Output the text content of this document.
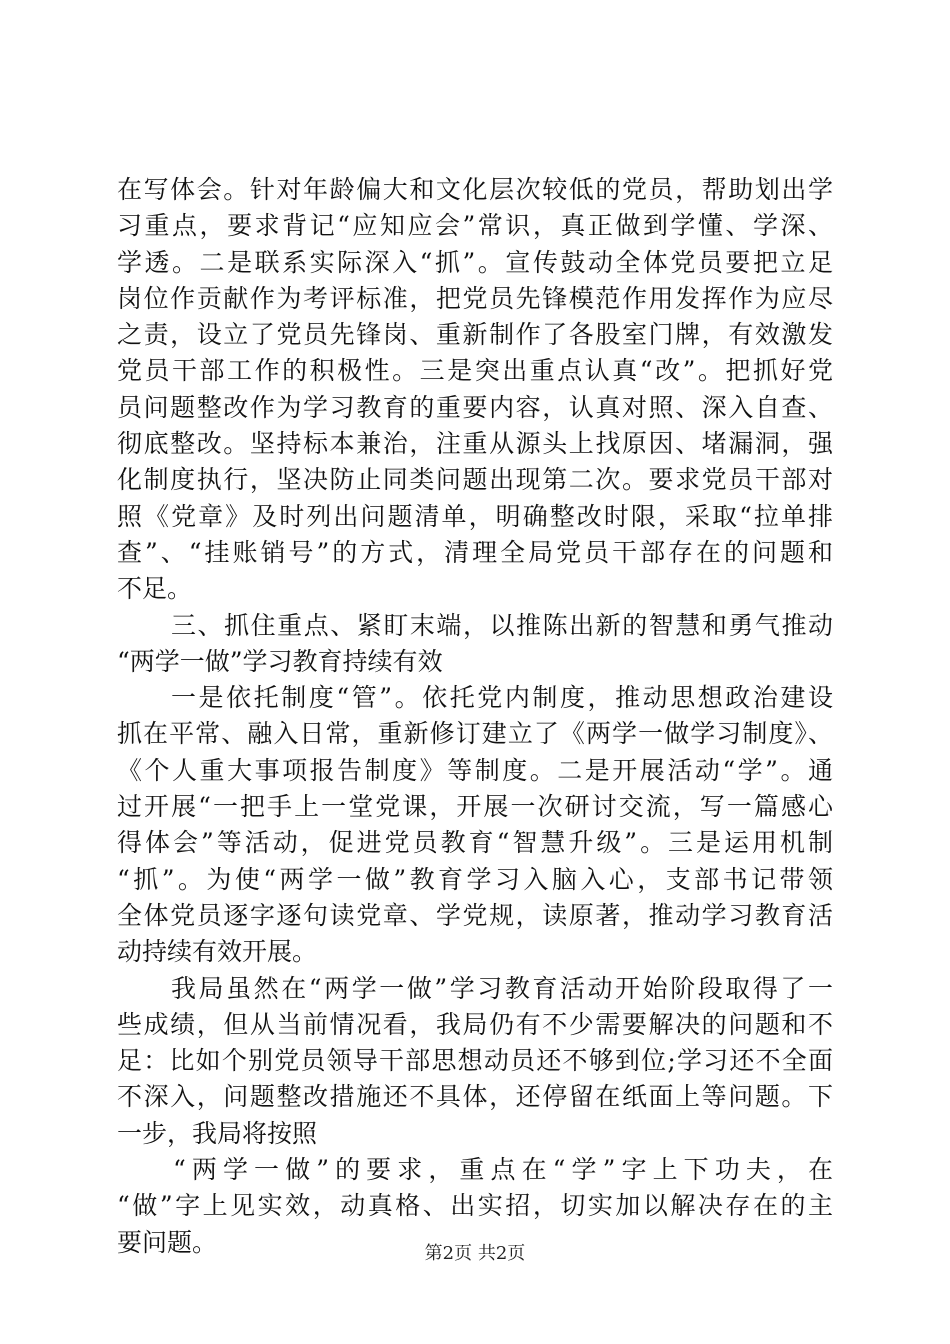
在写体会。针对年龄偏大和文化层次较低的党员，帮助划出学
习重点，要求背记“应知应会”常识，真正做到学懂、学深、
学透。二是联系实际深入“抓”。宣传鼓动全体党员要把立足
岗位作贡献作为考评标准，把党员先锋模范作用发挥作为应尽
之责，设立了党员先锋岗、重新制作了各股室门牌，有效激发
党员干部工作的积极性。三是突出重点认真“改”。把抓好党
员问题整改作为学习教育的重要内容，认真对照、深入自查、
彻底整改。坚持标本兼治，注重从源头上找原因、堵漏洞，强
化制度执行，坚决防止同类问题出现第二次。要求党员干部对
照《党章》及时列出问题清单，明确整改时限，采取“拉单排
查”、“挂账销号”的方式，清理全局党员干部存在的问题和
不足。
三、抓住重点、紧盯末端，以推陈出新的智慧和勇气推动
“两学一做”学习教育持续有效
一是依托制度“管”。依托党内制度，推动思想政治建设
抓在平常、融入日常，重新修订建立了《两学一做学习制度》、
《个人重大事项报告制度》等制度。二是开展活动“学”。通
过开展“一把手上一堂党课，开展一次研讨交流，写一篇感心
得体会”等活动，促进党员教育“智慧升级”。三是运用机制
“抓”。为使“两学一做”教育学习入脑入心，支部书记带领
全体党员逐字逐句读党章、学党规，读原著，推动学习教育活
动持续有效开展。
我局虽然在“两学一做”学习教育活动开始阶段取得了一
些成绩，但从当前情况看，我局仍有不少需要解决的问题和不
足：比如个别党员领导干部思想动员还不够到位;学习还不全面
不深入，问题整改措施还不具体，还停留在纸面上等问题。下
一步，我局将按照
“两学一做”的要求，重点在“学”字上下功夫，在
“做”字上见实效，动真格、出实招，切实加以解决存在的主
要问题。	第2页 共2页
